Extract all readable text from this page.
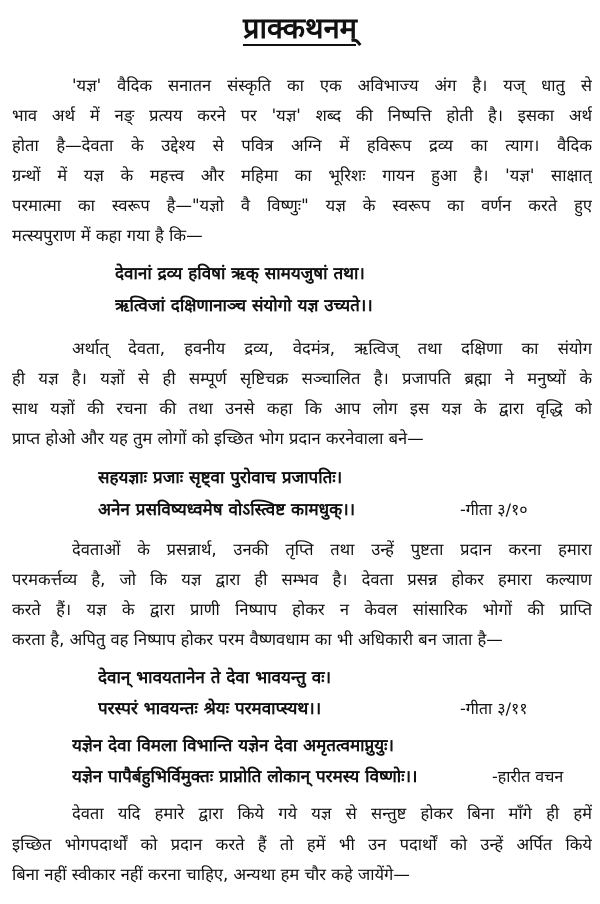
प्राक्कथनम्
'यज्ञ' वैदिक सनातन संस्कृति का एक अविभाज्य अंग है। यज् धातु से
भाव अर्थ में नङ् प्रत्यय करने पर 'यज्ञ' शब्द की निष्पत्ति होती है। इसका अर्थ
होता है—देवता के उद्देश्य से पवित्र अग्नि में हविरूप द्रव्य का त्याग। वैदिक
ग्रन्थों में यज्ञ के महत्त्व और महिमा का भूरिशः गायन हुआ है। 'यज्ञ' साक्षात्
परमात्मा का स्वरूप है—"यज्ञो वै विष्णुः" यज्ञ के स्वरूप का वर्णन करते हुए
मत्स्यपुराण में कहा गया है कि—
देवानां द्रव्य हविषां ऋक् सामयजुषां तथा।
ऋत्विजां दक्षिणानाञ्च संयोगो यज्ञ उच्यते।।
अर्थात् देवता, हवनीय द्रव्य, वेदमंत्र, ऋत्विज् तथा दक्षिणा का संयोग
ही यज्ञ है। यज्ञों से ही सम्पूर्ण सृष्टिचक्र सञ्चालित है। प्रजापति ब्रह्मा ने मनुष्यों के
साथ यज्ञों की रचना की तथा उनसे कहा कि आप लोग इस यज्ञ के द्वारा वृद्धि को
प्राप्त होओ और यह तुम लोगों को इच्छित भोग प्रदान करनेवाला बने—
सहयज्ञाः प्रजाः सृष्ट्वा पुरोवाच प्रजापतिः।
अनेन प्रसविष्यध्वमेष वोऽस्त्विष्ट कामधुक्।।	-गीता ३/१०
देवताओं के प्रसन्नार्थ, उनकी तृप्ति तथा उन्हें पुष्टता प्रदान करना हमारा
परमकर्त्तव्य है, जो कि यज्ञ द्वारा ही सम्भव है। देवता प्रसन्न होकर हमारा कल्याण
करते हैं। यज्ञ के द्वारा प्राणी निष्पाप होकर न केवल सांसारिक भोगों की प्राप्ति
करता है, अपितु वह निष्पाप होकर परम वैष्णवधाम का भी अधिकारी बन जाता है—
देवान् भावयतानेन ते देवा भावयन्तु वः।
परस्परं भावयन्तः श्रेयः परमवाप्स्यथ।।	-गीता ३/११
यज्ञेन देवा विमला विभान्ति यज्ञेन देवा अमृतत्वमाप्नुयुः।
यज्ञेन पापैर्बहुभिर्विमुक्तः प्राप्नोति लोकान् परमस्य विष्णोः।।	-हारीत वचन
देवता यदि हमारे द्वारा किये गये यज्ञ से सन्तुष्ट होकर बिना माँगे ही हमें
इच्छित भोगपदार्थों को प्रदान करते हैं तो हमें भी उन पदार्थों को उन्हें अर्पित किये
बिना नहीं स्वीकार नहीं करना चाहिए, अन्यथा हम चौर कहे जायेंगे—
